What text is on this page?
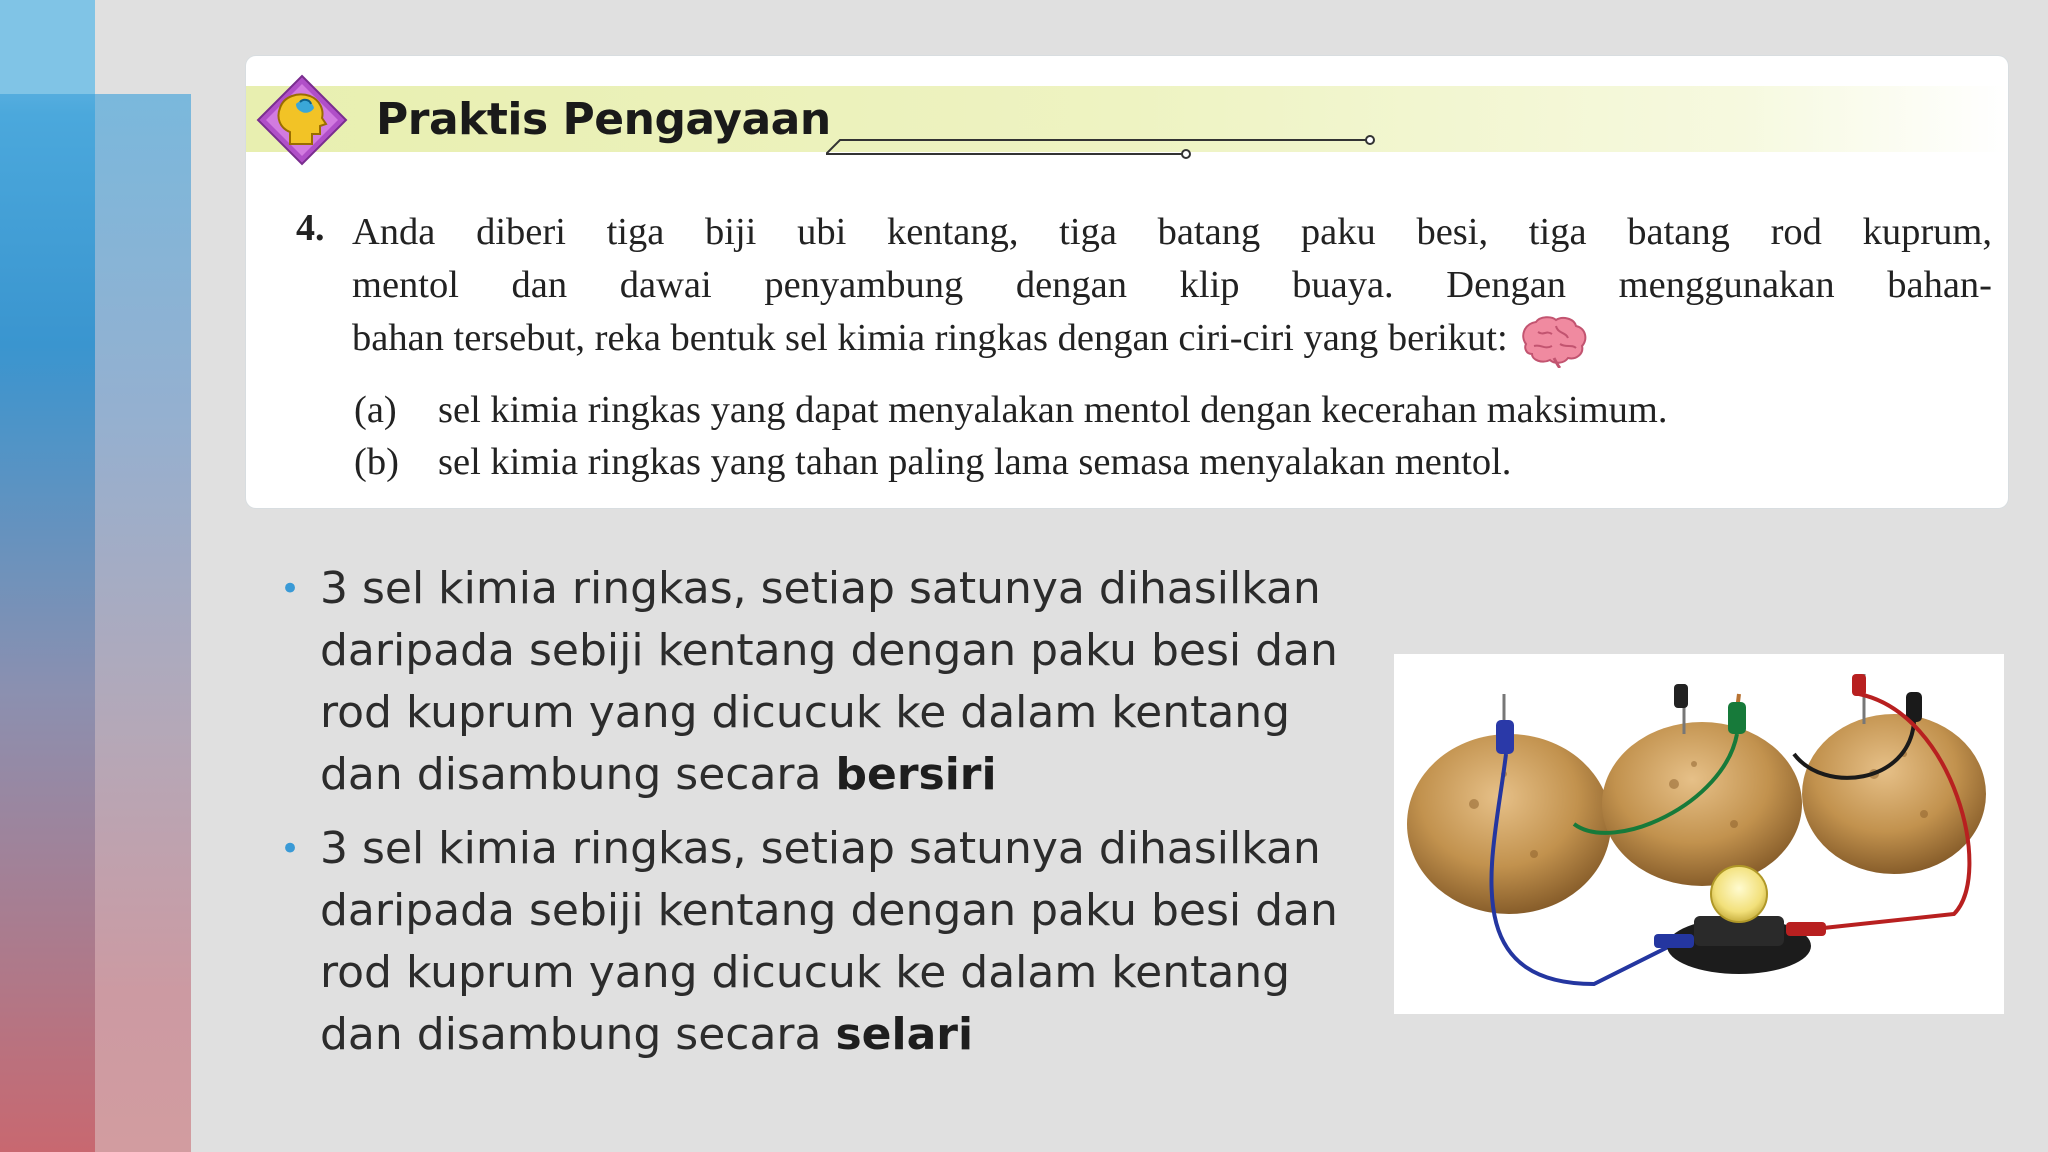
Praktis Pengayaan
4. Anda diberi tiga biji ubi kentang, tiga batang paku besi, tiga batang rod kuprum,
mentol dan dawai penyambung dengan klip buaya. Dengan menggunakan bahan-
bahan tersebut, reka bentuk sel kimia ringkas dengan ciri-ciri yang berikut:
(a)	sel kimia ringkas yang dapat menyalakan mentol dengan kecerahan maksimum.
(b)	sel kimia ringkas yang tahan paling lama semasa menyalakan mentol.
• 3 sel kimia ringkas, setiap satunya dihasilkan daripada sebiji kentang dengan paku besi dan rod kuprum yang dicucuk ke dalam kentang dan disambung secara bersiri
• 3 sel kimia ringkas, setiap satunya dihasilkan daripada sebiji kentang dengan paku besi dan rod kuprum yang dicucuk ke dalam kentang dan disambung secara selari
